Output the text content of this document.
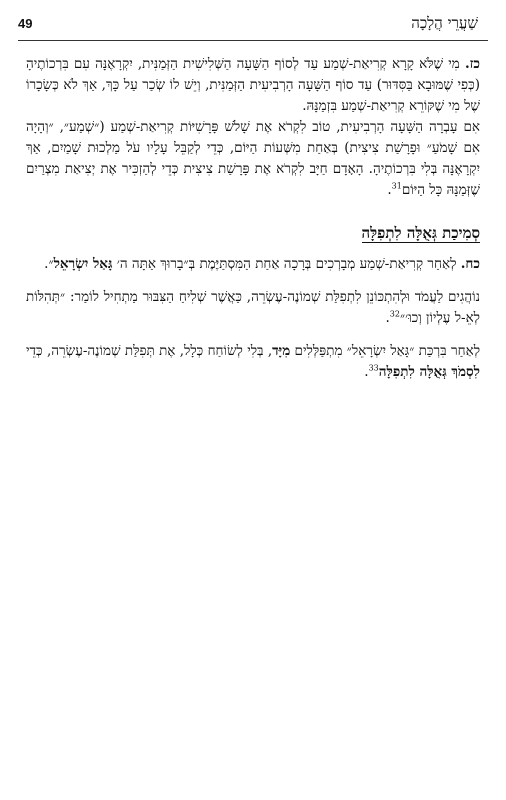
שַׁעֲרֵי הֲלָכָה
49

כז. מִי שֶׁלֹּא קָרָא קְרִיאַת-שְׁמַע עַד לְסוֹף הַשָּׁעָה הַשְּׁלִישִׁית הַזְּמַנִּית, יִקְרָאֶנָּה עִם בִּרְכוֹתֶיהָ (כְּפִי שֶׁמּוּבָא בַּסִּדּוּר) עַד סוֹף הַשָּׁעָה הָרְבִיעִית הַזְּמַנִּית, וְיֵשׁ לוֹ שְׂכַר עַל כָּךְ, אַךְ לֹא כְּשָׂכָרוֹ שֶׁל מִי שֶׁקּוֹרֵא קְרִיאַת-שְׁמַע בִּזְמַנָּהּ.

אִם עָבְרָה הַשָּׁעָה הָרְבִיעִית, טוֹב לִקְרֹא אֶת שָׁלֹשׁ פָּרָשִׁיּוֹת קְרִיאַת-שְׁמַע (״שְׁמַע״, ״וְהָיָה אִם שָׁמֹעַ״ וּפָרָשַׁת צִיצִית) בְּאַחַת מִשְּׁעוֹת הַיּוֹם, כְּדֵי לְקַבֵּל עָלָיו עֹל מַלְכוּת שָׁמַיִם, אַךְ יִקְרָאֶנָּה בְּלִי בִּרְכוֹתֶיהָ. הָאָדָם חַיָּב לִקְרֹא אֶת פָּרָשַׁת צִיצִית כְּדֵי לְהַזְכִּיר אֶת יְצִיאַת מִצְרַיִם שֶׁזְּמַנָּהּ כָּל הַיּוֹם$^{31}$.

סְמִיכַת גְּאֻלָּה לִתְפִלָּה

כח. לְאַחַר קְרִיאַת-שְׁמַע מְבָרְכִים בְּרָכָה אַחַת הַמִּסְתַּיֶּמֶת בְּ״בָרוּךְ אַתָּה ה׳ גָּאַל יִשְׂרָאֵל״.

נוֹהֲגִים לַעֲמֹד וּלְהִתְכּוֹנֵן לִתְפִלַּת שְׁמוֹנֶה-עֶשְׂרֵה, כַּאֲשֶׁר שְׁלִיחַ הַצִּבּוּר מַתְחִיל לוֹמַר: ״תְּהִלּוֹת לְאֵ-ל עֶלְיוֹן וְכוּ׳״$^{32}$.

לְאַחַר בִּרְכַּת ״גָּאַל יִשְׂרָאֵל״ מִתְפַּלְּלִים מִיָּד, בְּלִי לְשׂוֹחַח כְּלָל, אֶת תְּפִלַּת שְׁמוֹנֶה-עֶשְׂרֵה, כְּדֵי לִסְמֹךְ גְּאֻלָּה לִתְפִלָּה$^{33}$.
